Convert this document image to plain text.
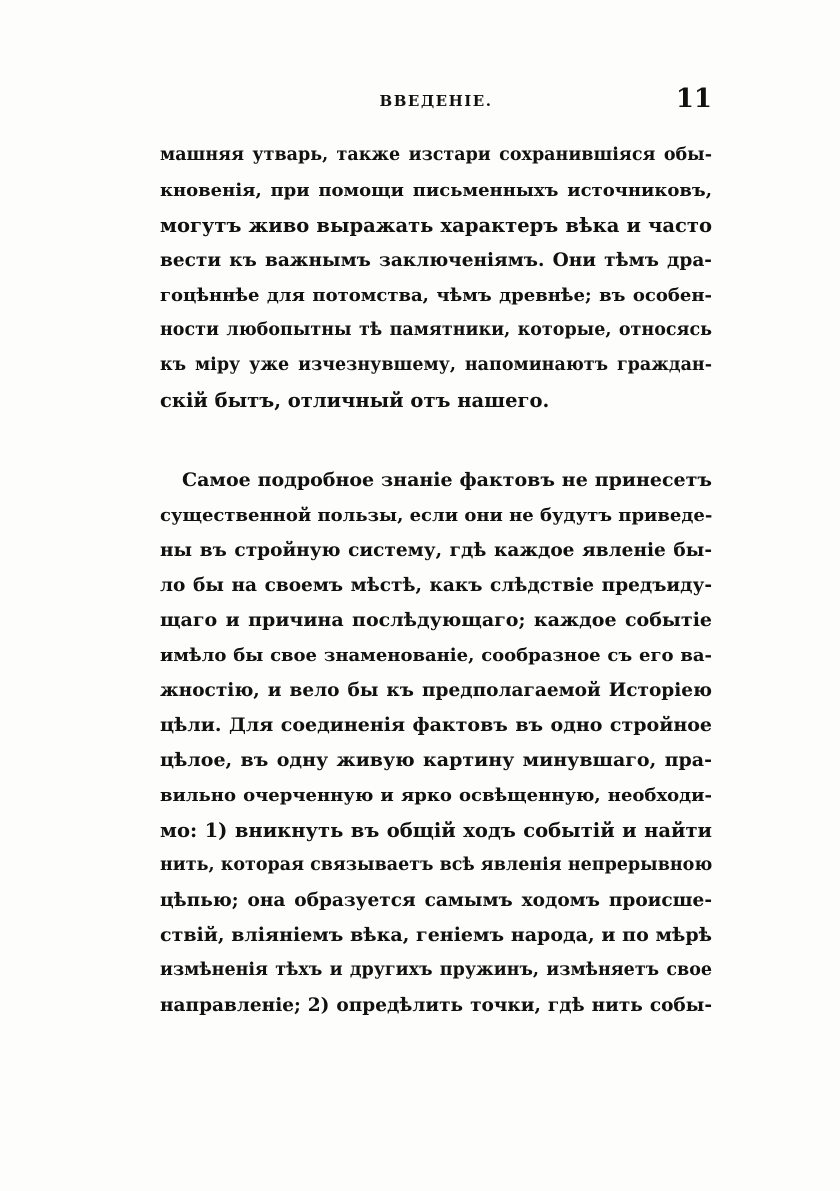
ВВЕДЕНІЕ.	11
машняя утварь, также изстари сохранившіяся обы-
кновенія, при помощи письменныхъ источниковъ,
могутъ живо выражать характеръ вѣка и часто
вести къ важнымъ заключеніямъ. Они тѣмъ дра-
гоцѣннѣе для потомства, чѣмъ древнѣе; въ особен-
ности любопытны тѣ памятники, которые, относясь
къ міру уже изчезнувшему, напоминаютъ граждан-
скій бытъ, отличный отъ нашего.
Самое подробное знаніе фактовъ не принесетъ
существенной пользы, если они не будутъ приведе-
ны въ стройную систему, гдѣ каждое явленіе бы-
ло бы на своемъ мѣстѣ, какъ слѣдствіе предъиду-
щаго и причина послѣдующаго; каждое событіе
имѣло бы свое знаменованіе, сообразное съ его ва-
жностію, и вело бы къ предполагаемой Исторіею
цѣли. Для соединенія фактовъ въ одно стройное
цѣлое, въ одну живую картину минувшаго, пра-
вильно очерченную и ярко освѣщенную, необходи-
мо: 1) вникнуть въ общій ходъ событій и найти
нить, которая связываетъ всѣ явленія непрерывною
цѣпью; она образуется самымъ ходомъ происше-
ствій, вліяніемъ вѣка, геніемъ народа, и по мѣрѣ
измѣненія тѣхъ и другихъ пружинъ, измѣняетъ свое
направленіе; 2) опредѣлить точки, гдѣ нить собы-
